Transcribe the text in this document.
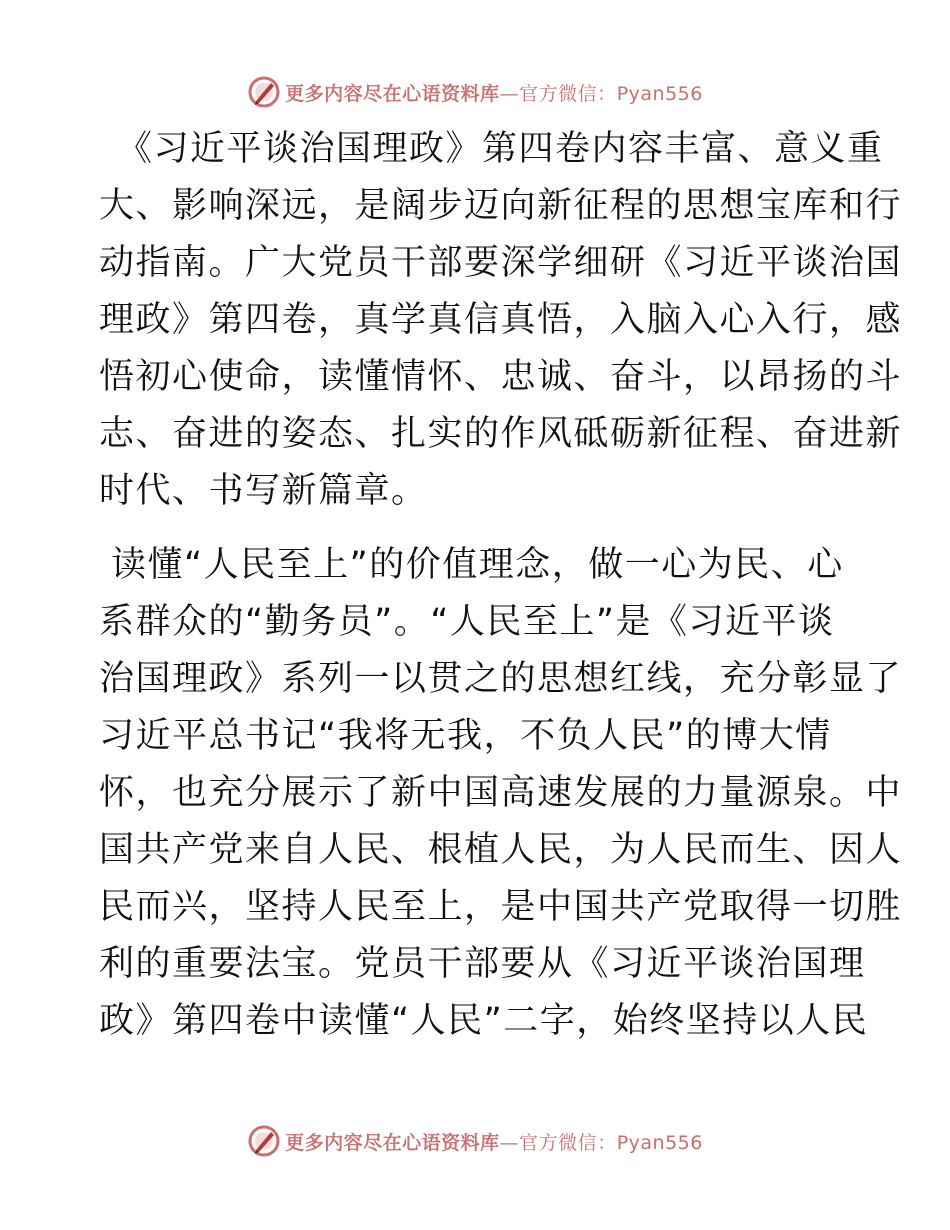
更多内容尽在心语资料库—官方微信：Pyan556

《习近平谈治国理政》第四卷内容丰富、意义重
大、影响深远，是阔步迈向新征程的思想宝库和行
动指南。广大党员干部要深学细研《习近平谈治国
理政》第四卷，真学真信真悟，入脑入心入行，感
悟初心使命，读懂情怀、忠诚、奋斗，以昂扬的斗
志、奋进的姿态、扎实的作风砥砺新征程、奋进新
时代、书写新篇章。

读懂“人民至上”的价值理念，做一心为民、心
系群众的“勤务员”。“人民至上”是《习近平谈
治国理政》系列一以贯之的思想红线，充分彰显了
习近平总书记“我将无我，不负人民”的博大情
怀，也充分展示了新中国高速发展的力量源泉。中
国共产党来自人民、根植人民，为人民而生、因人
民而兴，坚持人民至上，是中国共产党取得一切胜
利的重要法宝。党员干部要从《习近平谈治国理
政》第四卷中读懂“人民”二字，始终坚持以人民

更多内容尽在心语资料库—官方微信：Pyan556
